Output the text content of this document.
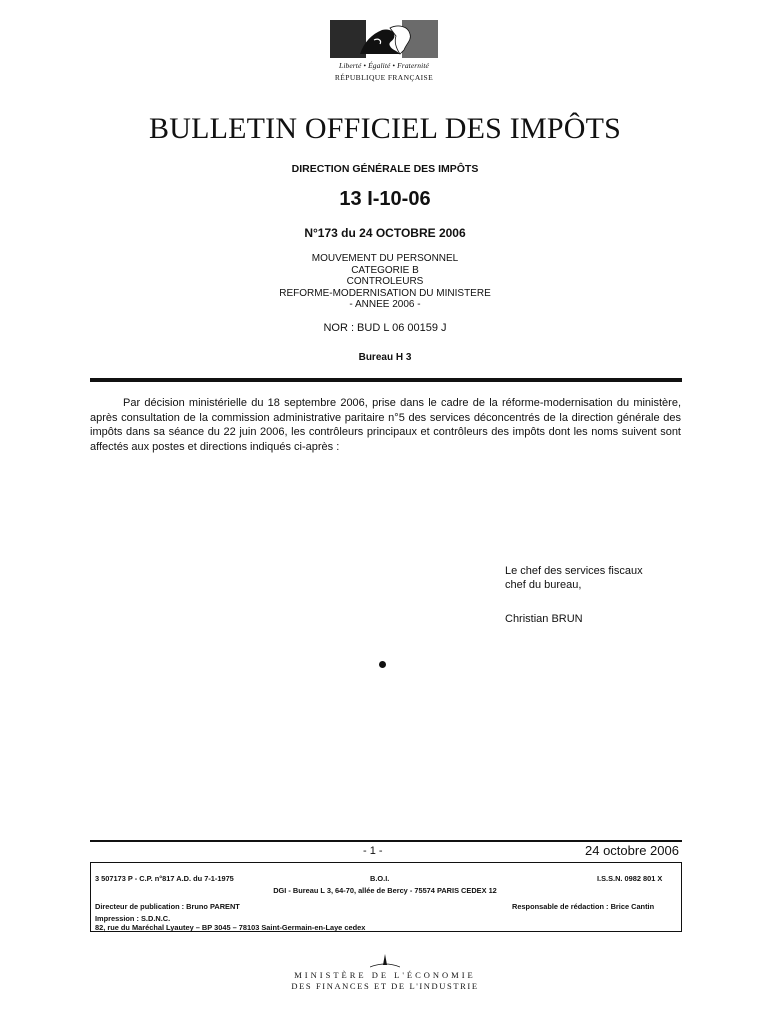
Liberté • Égalité • Fraternité
RÉPUBLIQUE FRANÇAISE
BULLETIN OFFICIEL DES IMPÔTS
DIRECTION GÉNÉRALE DES IMPÔTS
13 I-10-06
N°173 du 24 OCTOBRE 2006
MOUVEMENT DU PERSONNEL
CATEGORIE B
CONTROLEURS
REFORME-MODERNISATION DU MINISTERE
- ANNEE 2006 -
NOR : BUD L 06 00159 J
Bureau H 3

Par décision ministérielle du 18 septembre 2006, prise dans le cadre de la réforme-modernisation du ministère, après consultation de la commission administrative paritaire n°5 des services déconcentrés de la direction générale des impôts dans sa séance du 22 juin 2006, les contrôleurs principaux et contrôleurs des impôts dont les noms suivent sont affectés aux postes et directions indiqués ci-après :

Le chef des services fiscaux
chef du bureau,
Christian BRUN
- 1 -	24 octobre 2006
3 507173 P - C.P. n°817 A.D. du 7-1-1975	B.O.I.	I.S.S.N. 0982 801 X
DGI - Bureau L 3, 64-70, allée de Bercy - 75574 PARIS CEDEX 12
Directeur de publication : Bruno PARENT	Responsable de rédaction : Brice Cantin
Impression : S.D.N.C.
82, rue du Maréchal Lyautey – BP 3045 – 78103 Saint-Germain-en-Laye cedex
MINISTÈRE DE L'ÉCONOMIE
DES FINANCES ET DE L'INDUSTRIE
